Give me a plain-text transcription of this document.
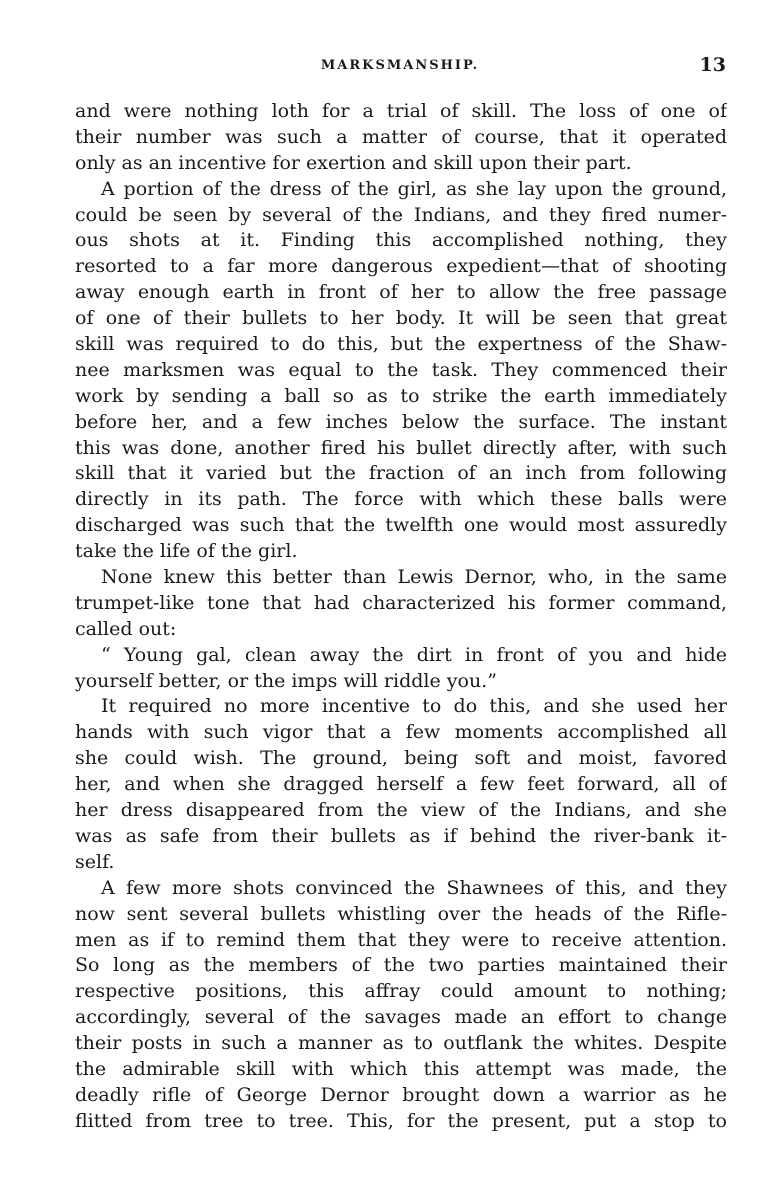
MARKSMANSHIP.	13
and were nothing loth for a trial of skill. The loss of one of
their number was such a matter of course, that it operated
only as an incentive for exertion and skill upon their part.
A portion of the dress of the girl, as she lay upon the ground,
could be seen by several of the Indians, and they fired numer-
ous shots at it. Finding this accomplished nothing, they
resorted to a far more dangerous expedient—that of shooting
away enough earth in front of her to allow the free passage
of one of their bullets to her body. It will be seen that great
skill was required to do this, but the expertness of the Shaw-
nee marksmen was equal to the task. They commenced their
work by sending a ball so as to strike the earth immediately
before her, and a few inches below the surface. The instant
this was done, another fired his bullet directly after, with such
skill that it varied but the fraction of an inch from following
directly in its path. The force with which these balls were
discharged was such that the twelfth one would most assuredly
take the life of the girl.
None knew this better than Lewis Dernor, who, in the same
trumpet-like tone that had characterized his former command,
called out:
“ Young gal, clean away the dirt in front of you and hide
yourself better, or the imps will riddle you.”
It required no more incentive to do this, and she used her
hands with such vigor that a few moments accomplished all
she could wish. The ground, being soft and moist, favored
her, and when she dragged herself a few feet forward, all of
her dress disappeared from the view of the Indians, and she
was as safe from their bullets as if behind the river-bank it-
self.
A few more shots convinced the Shawnees of this, and they
now sent several bullets whistling over the heads of the Rifle-
men as if to remind them that they were to receive attention.
So long as the members of the two parties maintained their
respective positions, this affray could amount to nothing;
accordingly, several of the savages made an effort to change
their posts in such a manner as to outflank the whites. Despite
the admirable skill with which this attempt was made, the
deadly rifle of George Dernor brought down a warrior as he
flitted from tree to tree. This, for the present, put a stop to
